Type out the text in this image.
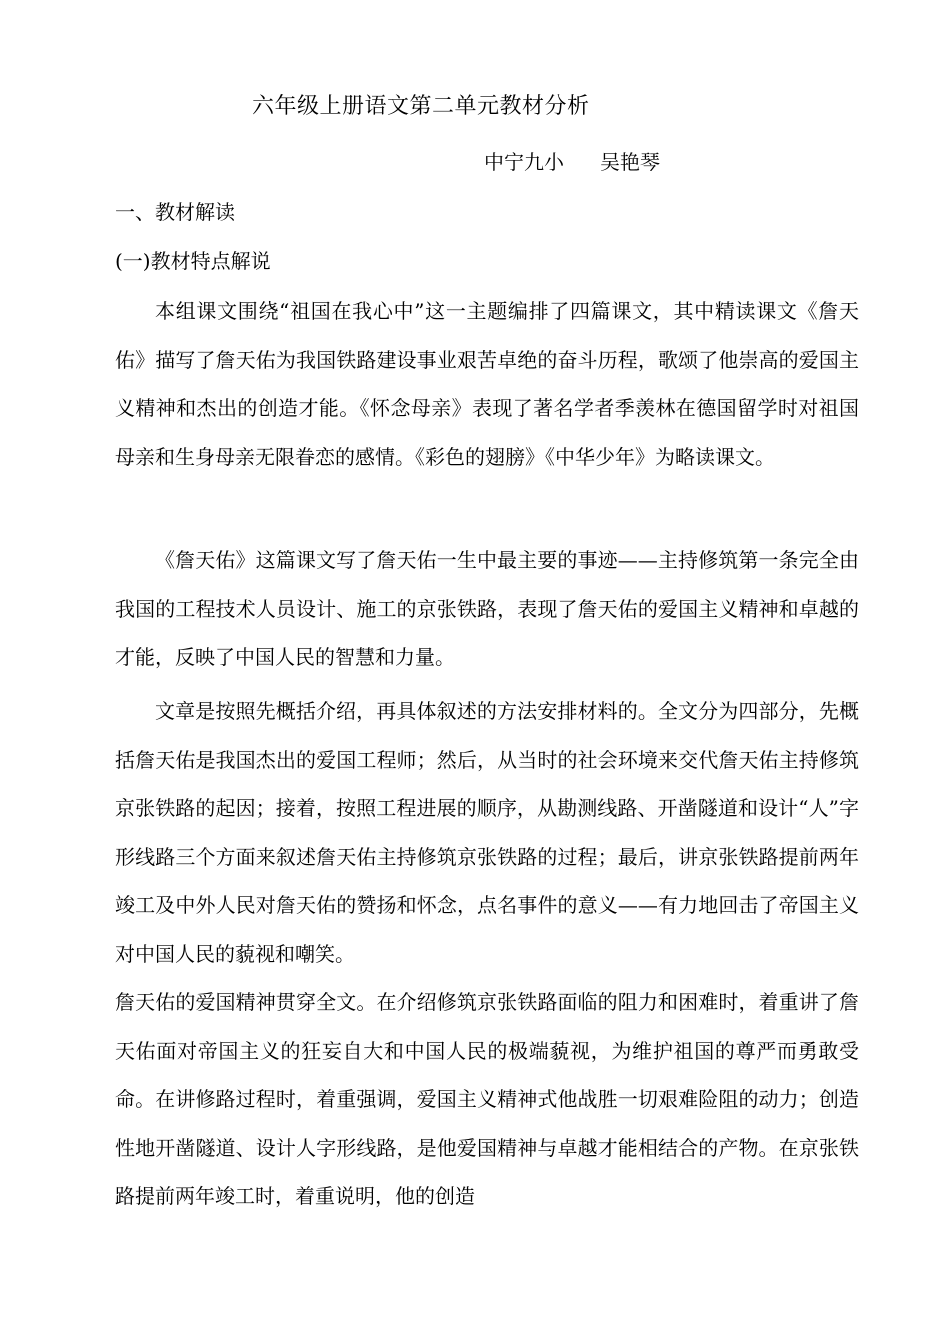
六年级上册语文第二单元教材分析
中宁九小 吴艳琴
一、教材解读
(一)教材特点解说

本组课文围绕“祖国在我心中”这一主题编排了四篇课文，其中精读课文《詹天佑》描写了詹天佑为我国铁路建设事业艰苦卓绝的奋斗历程，歌颂了他崇高的爱国主义精神和杰出的创造才能。《怀念母亲》表现了著名学者季羡林在德国留学时对祖国母亲和生身母亲无限眷恋的感情。《彩色的翅膀》《中华少年》为略读课文。

《詹天佑》这篇课文写了詹天佑一生中最主要的事迹——主持修筑第一条完全由我国的工程技术人员设计、施工的京张铁路，表现了詹天佑的爱国主义精神和卓越的才能，反映了中国人民的智慧和力量。

文章是按照先概括介绍，再具体叙述的方法安排材料的。全文分为四部分，先概括詹天佑是我国杰出的爱国工程师；然后，从当时的社会环境来交代詹天佑主持修筑京张铁路的起因；接着，按照工程进展的顺序，从勘测线路、开凿隧道和设计“人”字形线路三个方面来叙述詹天佑主持修筑京张铁路的过程；最后，讲京张铁路提前两年竣工及中外人民对詹天佑的赞扬和怀念，点名事件的意义——有力地回击了帝国主义对中国人民的藐视和嘲笑。
詹天佑的爱国精神贯穿全文。在介绍修筑京张铁路面临的阻力和困难时，着重讲了詹天佑面对帝国主义的狂妄自大和中国人民的极端藐视，为维护祖国的尊严而勇敢受命。在讲修路过程时，着重强调，爱国主义精神式他战胜一切艰难险阻的动力；创造性地开凿隧道、设计人字形线路，是他爱国精神与卓越才能相结合的产物。在京张铁路提前两年竣工时，着重说明，他的创造
